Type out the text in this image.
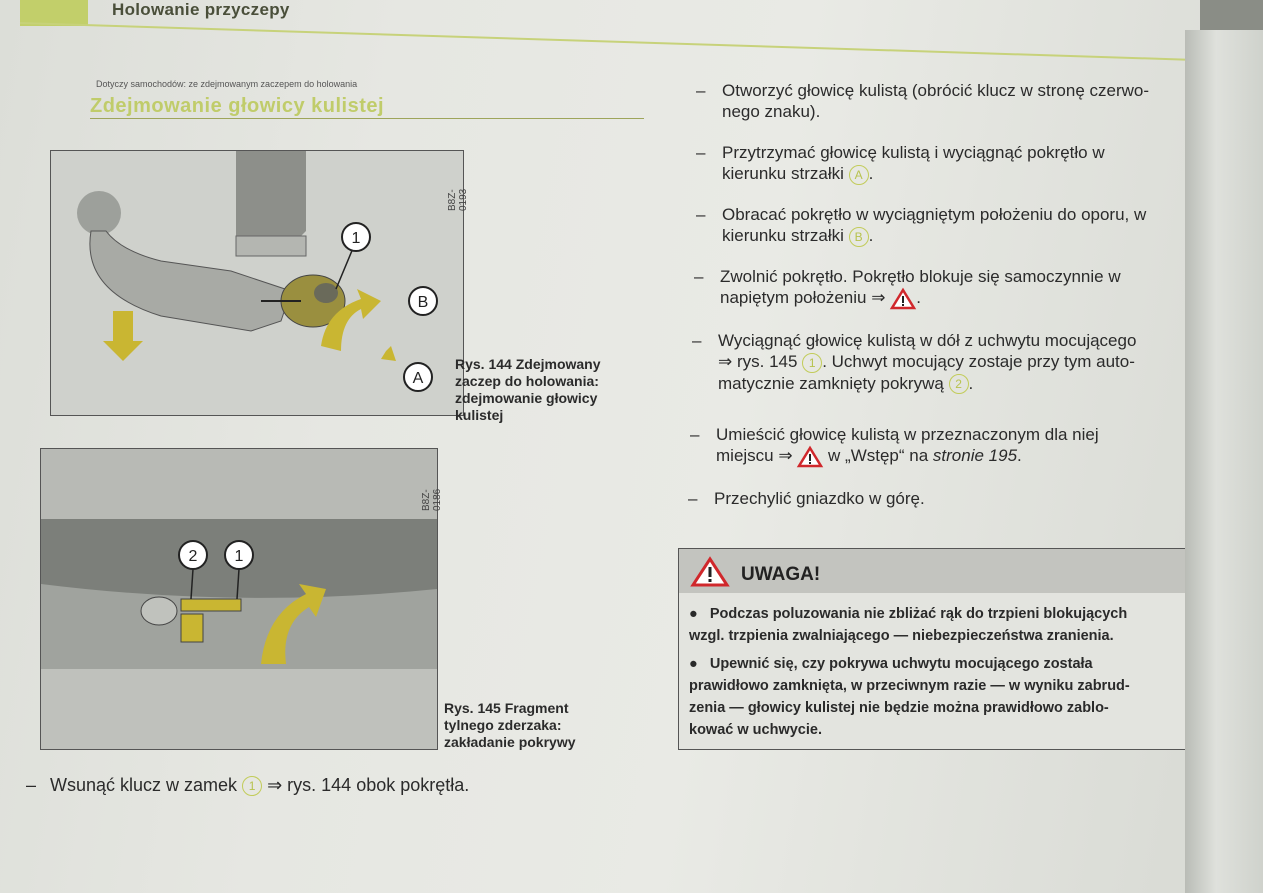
Holowanie przyczepy
Dotyczy samochodów: ze zdejmowanym zaczepem do holowania
Zdejmowanie głowicy kulistej
1
B
A
B8Z-0193
Rys. 144 Zdejmowany
zaczep do holowania:
zdejmowanie głowicy
kulistej
2 1
B8Z-0186
Rys. 145 Fragment
tylnego zderzaka:
zakładanie pokrywy
– Otworzyć głowicę kulistą (obrócić klucz w stronę czerwo-
nego znaku).
– Przytrzymać głowicę kulistą i wyciągnąć pokrętło w
kierunku strzałki A .
– Obracać pokrętło w wyciągniętym położeniu do oporu, w
kierunku strzałki B .
– Zwolnić pokrętło. Pokrętło blokuje się samoczynnie w
napiętym położeniu ⇒ .
– Wyciągnąć głowicę kulistą w dół z uchwytu mocującego
⇒ rys. 145 1 . Uchwyt mocujący zostaje przy tym auto-
matycznie zamknięty pokrywą 2 .
– Umieścić głowicę kulistą w przeznaczonym dla niej
miejscu ⇒  w „Wstęp“ na stronie 195.
– Przechylić gniazdko w górę.
UWAGA!
●   Podczas poluzowania nie zbliżać rąk do trzpieni blokujących
wzgl. trzpienia zwalniającego — niebezpieczeństwa zranienia.
●   Upewnić się, czy pokrywa uchwytu mocującego została
prawidłowo zamknięta, w przeciwnym razie — w wyniku zabrud-
zenia — głowicy kulistej nie będzie można prawidłowo zablo-
kować w uchwycie.
– Wsunąć klucz w zamek 1 ⇒ rys. 144 obok pokrętła.
